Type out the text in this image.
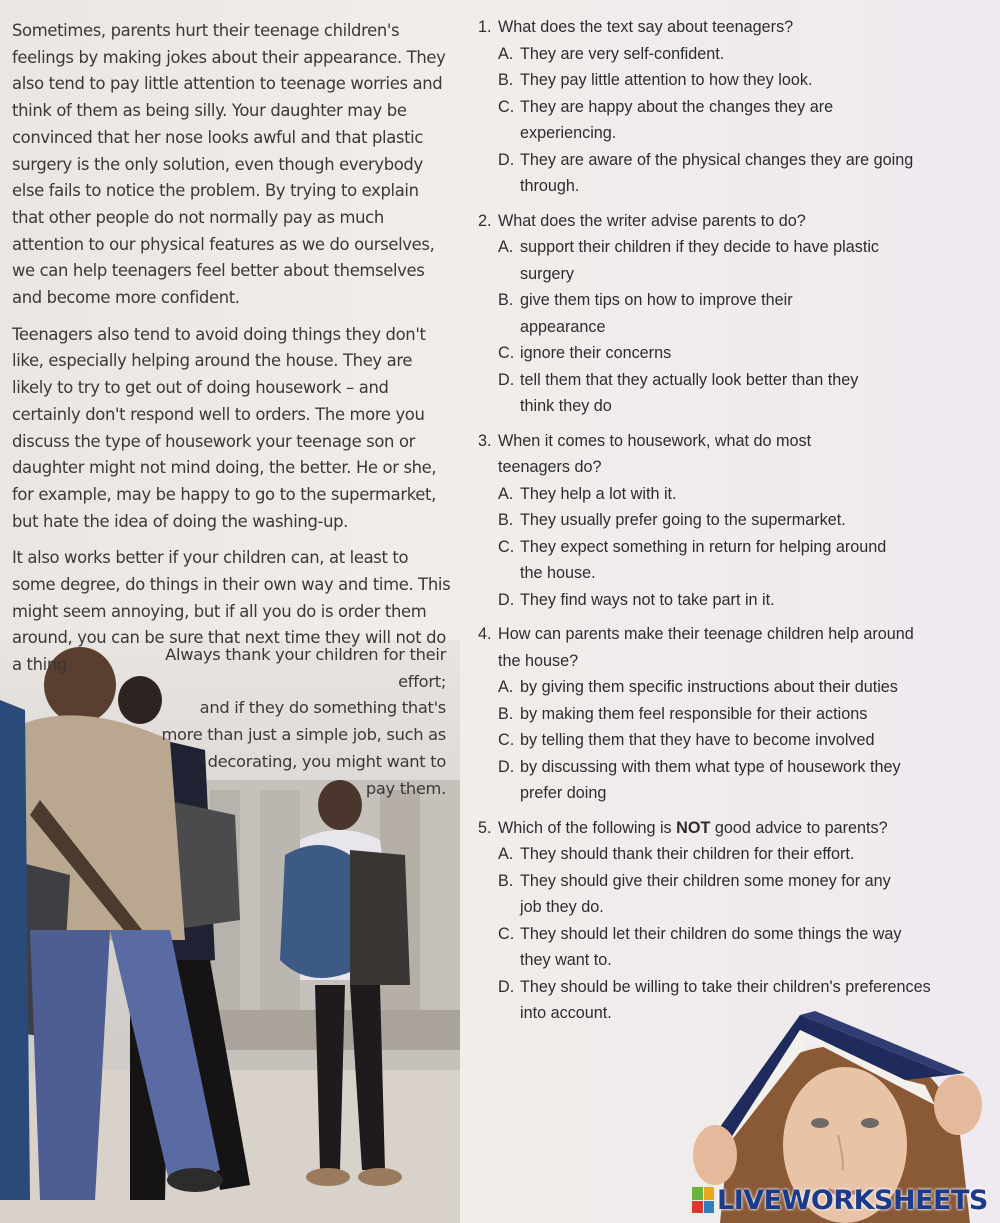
Always thank your children for their effort;
and if they do something that's
more than just a simple job, such as
decorating, you might want to
pay them.

Sometimes, parents hurt their teenage children's feelings by making jokes about their appearance. They also tend to pay little attention to teenage worries and think of them as being silly. Your daughter may be convinced that her nose looks awful and that plastic surgery is the only solution, even though everybody else fails to notice the problem. By trying to explain that other people do not normally pay as much attention to our physical features as we do ourselves, we can help teenagers feel better about themselves and become more confident.

Teenagers also tend to avoid doing things they don't like, especially helping around the house. They are likely to try to get out of doing housework – and certainly don't respond well to orders. The more you discuss the type of housework your teenage son or daughter might not mind doing, the better. He or she, for example, may be happy to go to the supermarket, but hate the idea of doing the washing-up.

It also works better if your children can, at least to some degree, do things in their own way and time. This might seem annoying, but if all you do is order them around, you can be sure that next time they will not do a thing.

1. What does the text say about teenagers?
A. They are very self-confident.
B. They pay little attention to how they look.
C. They are happy about the changes they are experiencing.
D. They are aware of the physical changes they are going through.
2. What does the writer advise parents to do?
A. support their children if they decide to have plastic surgery
B. give them tips on how to improve their appearance
C. ignore their concerns
D. tell them that they actually look better than they think they do
3. When it comes to housework, what do most teenagers do?
A. They help a lot with it.
B. They usually prefer going to the supermarket.
C. They expect something in return for helping around the house.
D. They find ways not to take part in it.
4. How can parents make their teenage children help around the house?
A. by giving them specific instructions about their duties
B. by making them feel responsible for their actions
C. by telling them that they have to become involved
D. by discussing with them what type of housework they prefer doing
5. Which of the following is NOT good advice to parents?
A. They should thank their children for their effort.
B. They should give their children some money for any job they do.
C. They should let their children do some things the way they want to.
D. They should be willing to take their children's preferences into account.
LIVEWORKSHEETS
